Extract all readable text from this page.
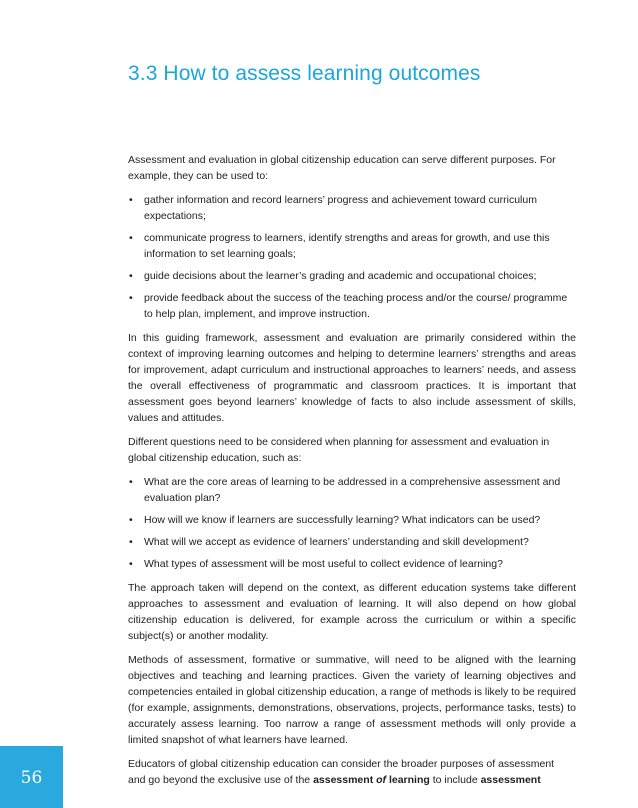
3.3 How to assess learning outcomes

Assessment and evaluation in global citizenship education can serve different purposes. For example, they can be used to:

• gather information and record learners’ progress and achievement toward curriculum expectations;
• communicate progress to learners, identify strengths and areas for growth, and use this information to set learning goals;
• guide decisions about the learner’s grading and academic and occupational choices;
• provide feedback about the success of the teaching process and/or the course/ programme to help plan, implement, and improve instruction.

In this guiding framework, assessment and evaluation are primarily considered within the context of improving learning outcomes and helping to determine learners’ strengths and areas for improvement, adapt curriculum and instructional approaches to learners’ needs, and assess the overall effectiveness of programmatic and classroom practices. It is important that assessment goes beyond learners’ knowledge of facts to also include assessment of skills, values and attitudes.

Different questions need to be considered when planning for assessment and evaluation in global citizenship education, such as:

• What are the core areas of learning to be addressed in a comprehensive assessment and evaluation plan?
• How will we know if learners are successfully learning? What indicators can be used?
• What will we accept as evidence of learners’ understanding and skill development?
• What types of assessment will be most useful to collect evidence of learning?

The approach taken will depend on the context, as different education systems take different approaches to assessment and evaluation of learning. It will also depend on how global citizenship education is delivered, for example across the curriculum or within a specific subject(s) or another modality.

Methods of assessment, formative or summative, will need to be aligned with the learning objectives and teaching and learning practices. Given the variety of learning objectives and competencies entailed in global citizenship education, a range of methods is likely to be required (for example, assignments, demonstrations, observations, projects, performance tasks, tests) to accurately assess learning. Too narrow a range of assessment methods will only provide a limited snapshot of what learners have learned.

Educators of global citizenship education can consider the broader purposes of assessment
and go beyond the exclusive use of the assessment of learning to include assessment

56
